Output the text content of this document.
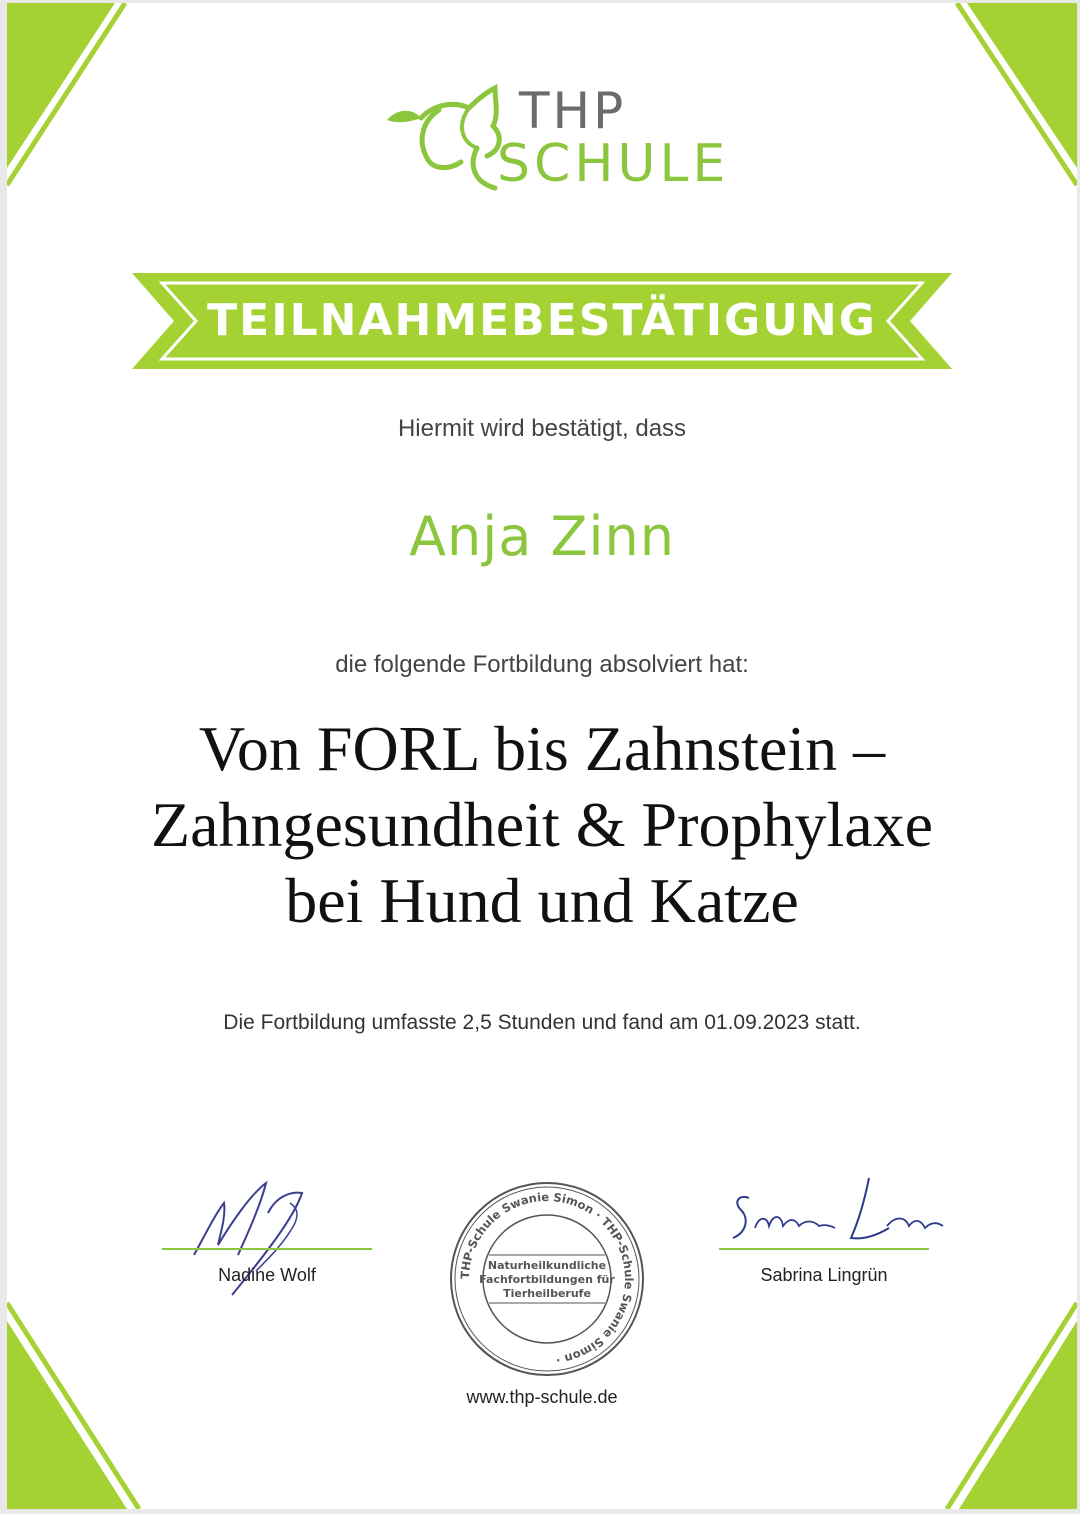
THP
SCHULE
TEILNAHMEBESTÄTIGUNG
Hiermit wird bestätigt, dass
Anja Zinn
die folgende Fortbildung absolviert hat:
Von FORL bis Zahnstein –
Zahngesundheit & Prophylaxe
bei Hund und Katze
Die Fortbildung umfasste 2,5 Stunden und fand am 01.09.2023 statt.
Nadine Wolf	THP-Schule Swanie Simon · THP-Schule Swanie Simon ·
Naturheilkundliche
Fachfortbildungen für
Tierheilberufe
Sabrina Lingrün
www.thp-schule.de
